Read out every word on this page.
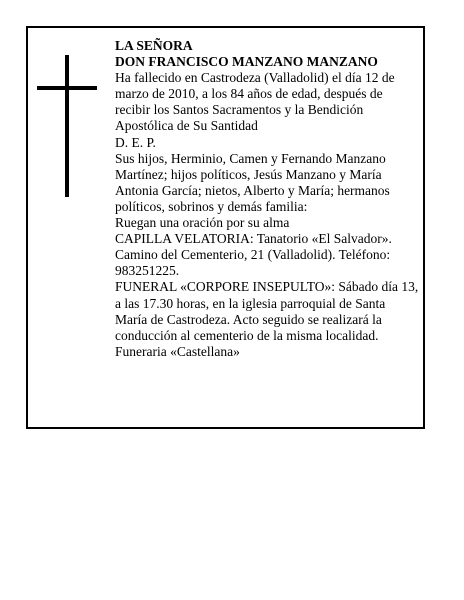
LA SEÑORA

DON FRANCISCO MANZANO MANZANO

Ha fallecido en Castrodeza (Valladolid) el día 12 de marzo de 2010, a los 84 años de edad, después de recibir los Santos Sacramentos y la Bendición Apostólica de Su Santidad

D. E. P.

Sus hijos, Herminio, Camen y Fernando Manzano Martínez; hijos políticos, Jesús Manzano y María Antonia García; nietos, Alberto y María; hermanos políticos, sobrinos y demás familia:

Ruegan una oración por su alma

CAPILLA VELATORIA: Tanatorio «El Salvador». Camino del Cementerio, 21 (Valladolid). Teléfono: 983251225.

FUNERAL «CORPORE INSEPULTO»: Sábado día 13, a las 17.30 horas, en la iglesia parroquial de Santa María de Castrodeza. Acto seguido se realizará la conducción al cementerio de la misma localidad.

Funeraria «Castellana»
